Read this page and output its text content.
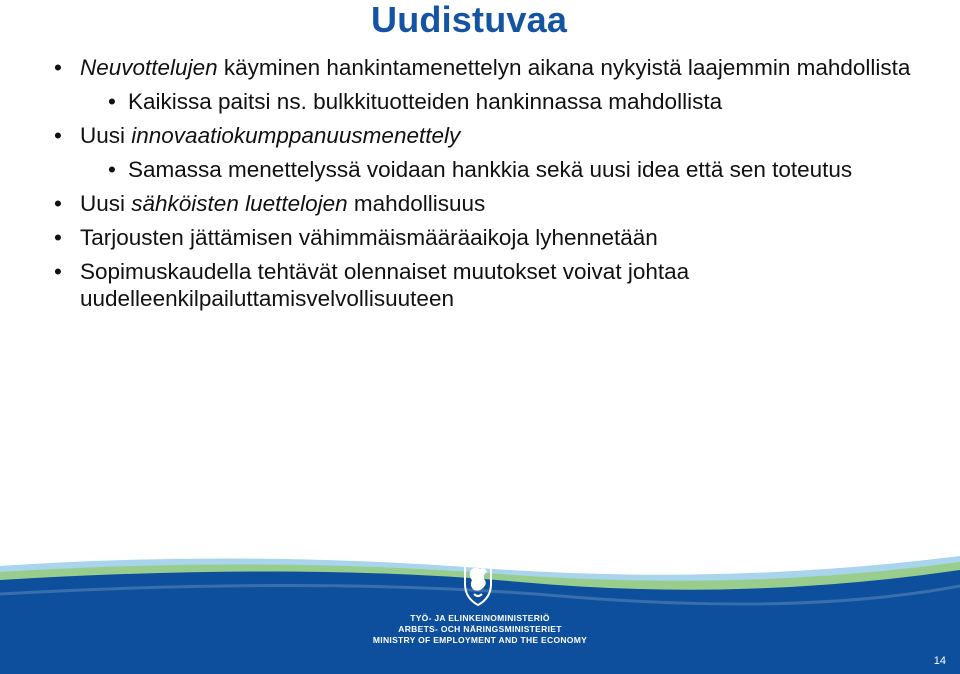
Uudistuvaa
• Neuvottelujen käyminen hankintamenettelyn aikana nykyistä laajemmin mahdollista
• Kaikissa paitsi ns. bulkkituotteiden hankinnassa mahdollista
• Uusi innovaatiokumppanuusmenettely
• Samassa menettelyssä voidaan hankkia sekä uusi idea että sen toteutus
• Uusi sähköisten luettelojen mahdollisuus
• Tarjousten jättämisen vähimmäismääräaikoja lyhennetään
• Sopimuskaudella tehtävät olennaiset muutokset voivat johtaa uudelleenkilpailuttamisvelvollisuuteen
TYÖ- JA ELINKEINOMINISTERIÖ
ARBETS- OCH NÄRINGSMINISTERIET
MINISTRY OF EMPLOYMENT AND THE ECONOMY
14
